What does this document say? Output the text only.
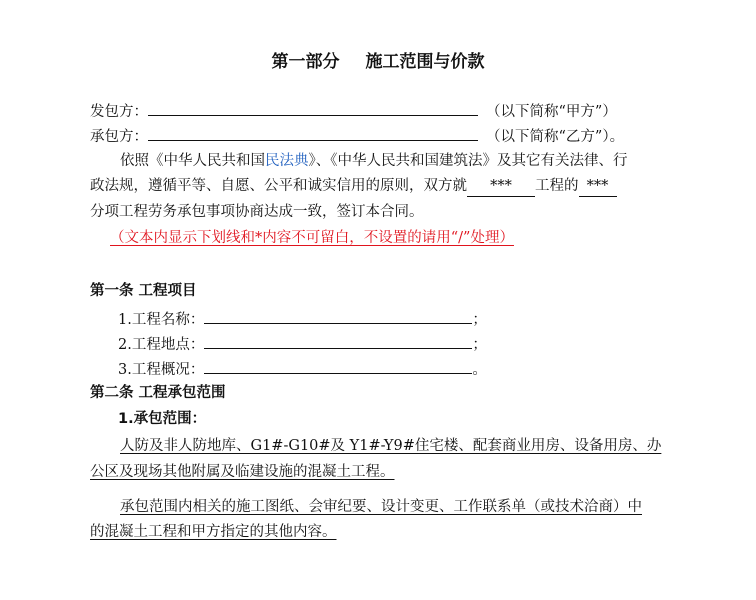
第一部分 施工范围与价款
发包方：	（以下简称“甲方”）
承包方：	（以下简称“乙方”）。
依照《中华人民共和国民法典》、《中华人民共和国建筑法》及其它有关法律、行
政法规，遵循平等、自愿、公平和诚实信用的原则，双方就 *** 工程的 ***
分项工程劳务承包事项协商达成一致，签订本合同。
（文本内显示下划线和*内容不可留白，不设置的请用“/”处理）
第一条 工程项目
1.工程名称：	；
2.工程地点：	；
3.工程概况：	。
第二条 工程承包范围
1.承包范围：
人防及非人防地库、G1#-G10#及 Y1#-Y9#住宅楼、配套商业用房、设备用房、办
公区及现场其他附属及临建设施的混凝土工程。
承包范围内相关的施工图纸、会审纪要、设计变更、工作联系单（或技术洽商）中
的混凝土工程和甲方指定的其他内容。
